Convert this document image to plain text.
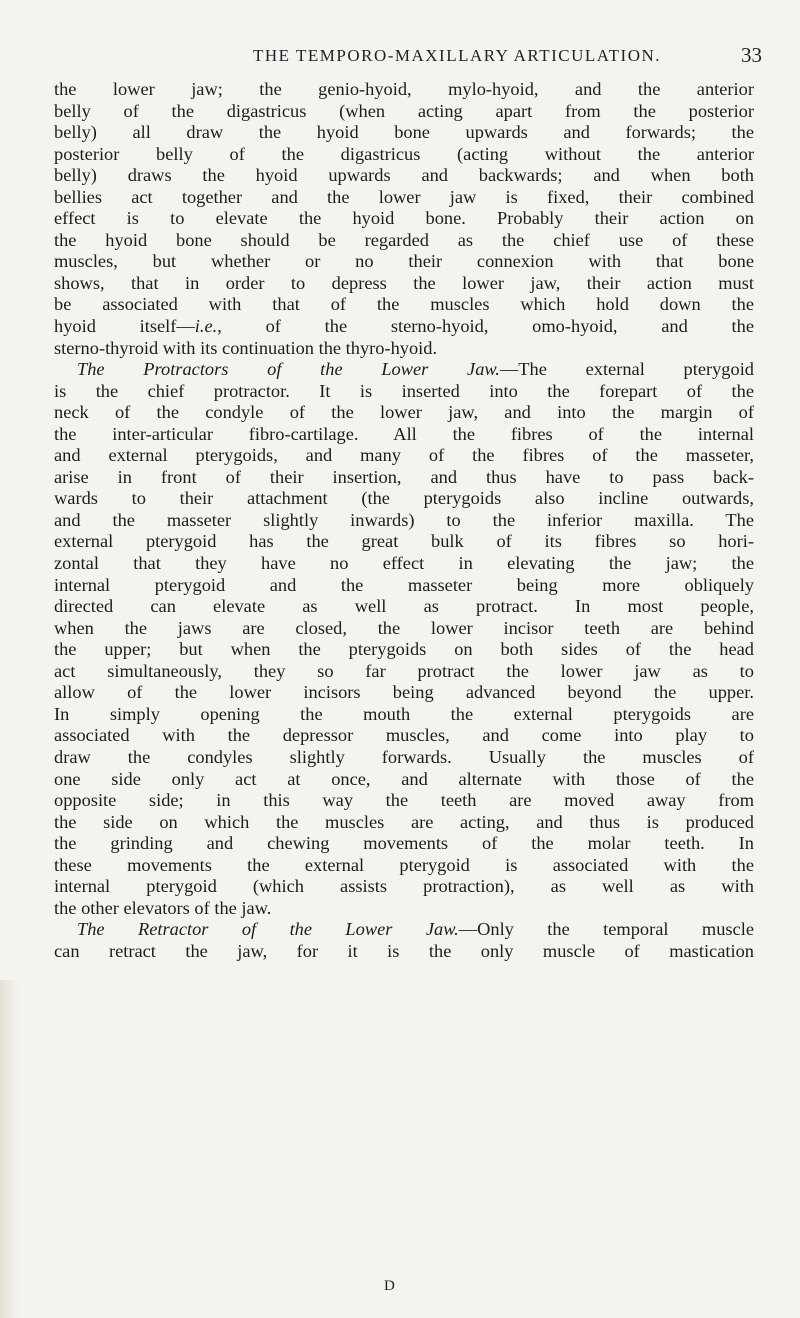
THE TEMPORO-MAXILLARY ARTICULATION.	33
the lower jaw; the genio-hyoid, mylo-hyoid, and the anterior
belly of the digastricus (when acting apart from the posterior
belly) all draw the hyoid bone upwards and forwards; the
posterior belly of the digastricus (acting without the anterior
belly) draws the hyoid upwards and backwards; and when both
bellies act together and the lower jaw is fixed, their combined
effect is to elevate the hyoid bone. Probably their action on
the hyoid bone should be regarded as the chief use of these
muscles, but whether or no their connexion with that bone
shows, that in order to depress the lower jaw, their action must
be associated with that of the muscles which hold down the
hyoid itself—i.e., of the sterno-hyoid, omo-hyoid, and the
sterno-thyroid with its continuation the thyro-hyoid.
The Protractors of the Lower Jaw.—The external pterygoid
is the chief protractor. It is inserted into the forepart of the
neck of the condyle of the lower jaw, and into the margin of
the inter-articular fibro-cartilage. All the fibres of the internal
and external pterygoids, and many of the fibres of the masseter,
arise in front of their insertion, and thus have to pass back-
wards to their attachment (the pterygoids also incline outwards,
and the masseter slightly inwards) to the inferior maxilla. The
external pterygoid has the great bulk of its fibres so hori-
zontal that they have no effect in elevating the jaw; the
internal pterygoid and the masseter being more obliquely
directed can elevate as well as protract. In most people,
when the jaws are closed, the lower incisor teeth are behind
the upper; but when the pterygoids on both sides of the head
act simultaneously, they so far protract the lower jaw as to
allow of the lower incisors being advanced beyond the upper.
In simply opening the mouth the external pterygoids are
associated with the depressor muscles, and come into play to
draw the condyles slightly forwards. Usually the muscles of
one side only act at once, and alternate with those of the
opposite side; in this way the teeth are moved away from
the side on which the muscles are acting, and thus is produced
the grinding and chewing movements of the molar teeth. In
these movements the external pterygoid is associated with the
internal pterygoid (which assists protraction), as well as with
the other elevators of the jaw.
The Retractor of the Lower Jaw.—Only the temporal muscle
can retract the jaw, for it is the only muscle of mastication
D
